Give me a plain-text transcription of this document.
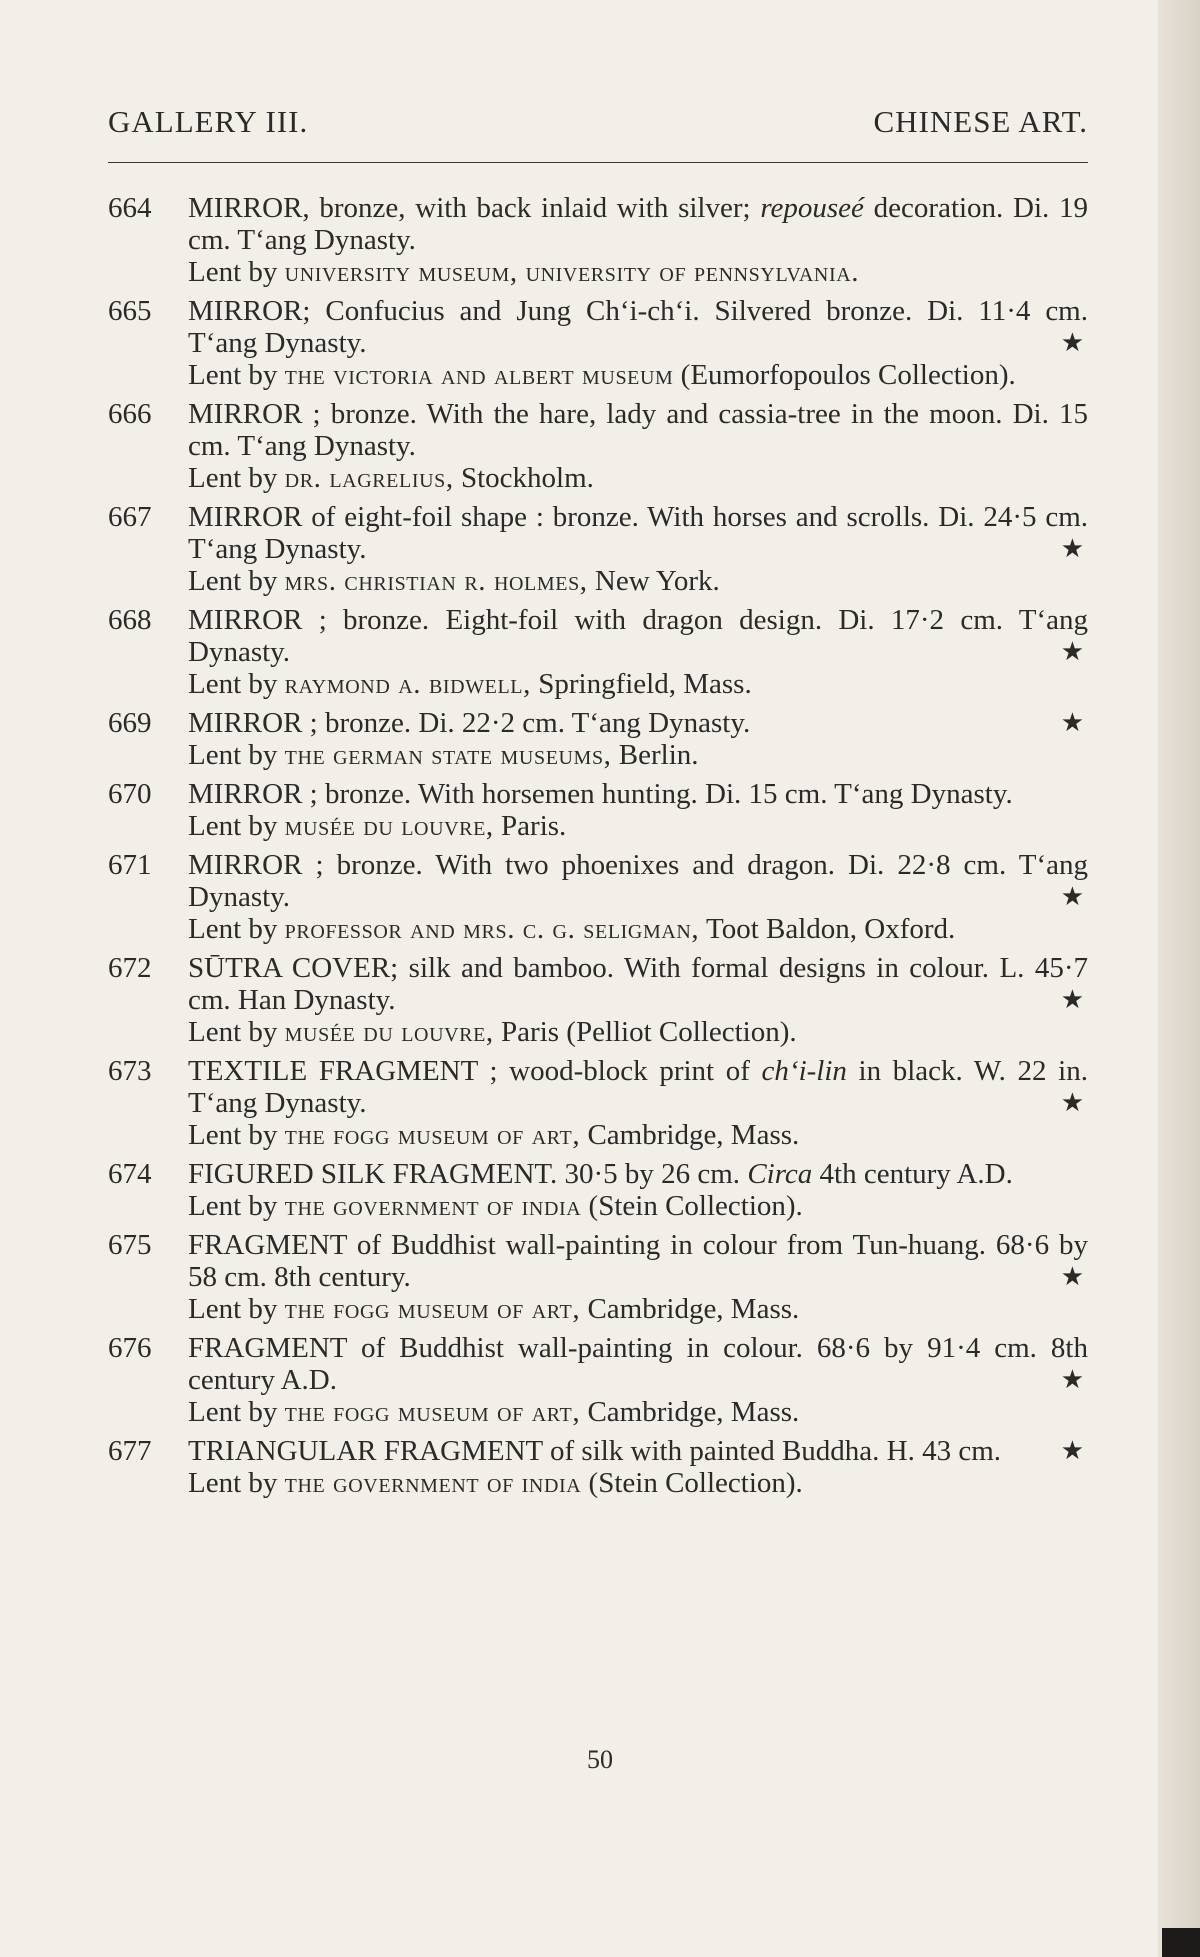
GALLERY III.	CHINESE ART.
664	MIRROR, bronze, with back inlaid with silver; repouseé decoration. Di. 19 cm. T‘ang Dynasty.
Lent by university museum, university of pennsylvania.
665	MIRROR; Confucius and Jung Ch‘i-ch‘i. Silvered bronze. Di. 11·4 cm. T‘ang Dynasty.	★
Lent by the victoria and albert museum (Eumorfopoulos Collection).
666	MIRROR ; bronze. With the hare, lady and cassia-tree in the moon. Di. 15 cm. T‘ang Dynasty.
Lent by dr. lagrelius, Stockholm.
667	MIRROR of eight-foil shape : bronze. With horses and scrolls. Di. 24·5 cm. T‘ang Dynasty.	★
Lent by mrs. christian r. holmes, New York.
668	MIRROR ; bronze. Eight-foil with dragon design. Di. 17·2 cm. T‘ang Dynasty.	★
Lent by raymond a. bidwell, Springfield, Mass.
669	MIRROR ; bronze. Di. 22·2 cm. T‘ang Dynasty.	★
Lent by the german state museums, Berlin.
670	MIRROR ; bronze. With horsemen hunting. Di. 15 cm. T‘ang Dynasty.
Lent by musée du louvre, Paris.
671	MIRROR ; bronze. With two phoenixes and dragon. Di. 22·8 cm. T‘ang Dynasty.	★
Lent by professor and mrs. c. g. seligman, Toot Baldon, Oxford.
672	SŪTRA COVER; silk and bamboo. With formal designs in colour. L. 45·7 cm. Han Dynasty.	★
Lent by musée du louvre, Paris (Pelliot Collection).
673	TEXTILE FRAGMENT ; wood-block print of ch‘i-lin in black. W. 22 in. T‘ang Dynasty.	★
Lent by the fogg museum of art, Cambridge, Mass.
674	FIGURED SILK FRAGMENT. 30·5 by 26 cm. Circa 4th century A.D.
Lent by the government of india (Stein Collection).
675	FRAGMENT of Buddhist wall-painting in colour from Tun-huang. 68·6 by 58 cm. 8th century.	★
Lent by the fogg museum of art, Cambridge, Mass.
676	FRAGMENT of Buddhist wall-painting in colour. 68·6 by 91·4 cm. 8th century A.D.	★
Lent by the fogg museum of art, Cambridge, Mass.
677	TRIANGULAR FRAGMENT of silk with painted Buddha. H. 43 cm. ★
Lent by the government of india (Stein Collection).
50
